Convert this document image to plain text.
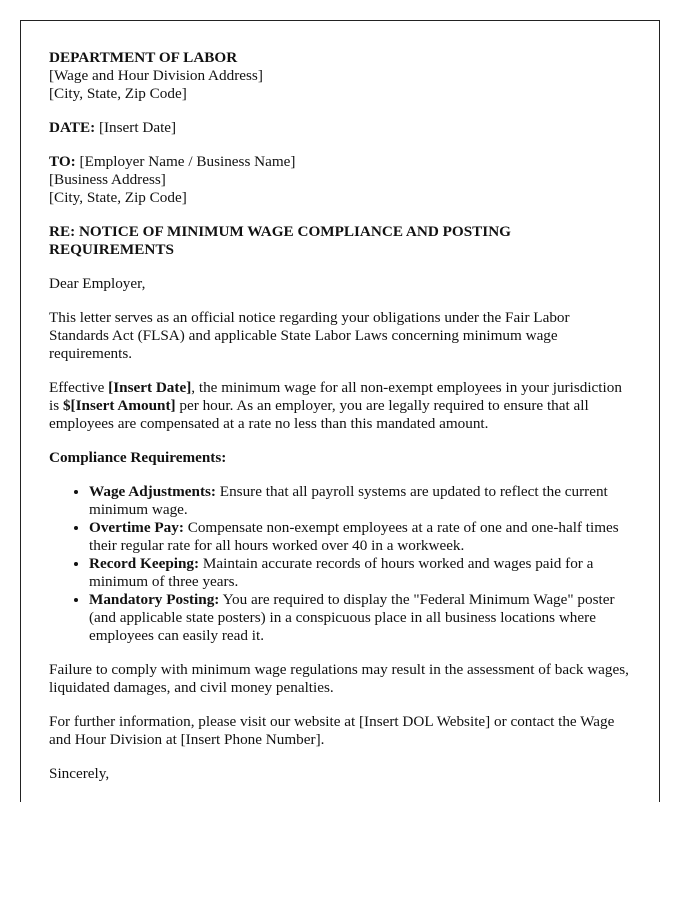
DEPARTMENT OF LABOR
[Wage and Hour Division Address]
[City, State, Zip Code]
DATE: [Insert Date]
TO: [Employer Name / Business Name]
[Business Address]
[City, State, Zip Code]

RE: NOTICE OF MINIMUM WAGE COMPLIANCE AND POSTING REQUIREMENTS

Dear Employer,

This letter serves as an official notice regarding your obligations under the Fair Labor Standards Act (FLSA) and applicable State Labor Laws concerning minimum wage requirements.

Effective [Insert Date], the minimum wage for all non-exempt employees in your jurisdiction is $[Insert Amount] per hour. As an employer, you are legally required to ensure that all employees are compensated at a rate no less than this mandated amount.

Compliance Requirements:

• Wage Adjustments: Ensure that all payroll systems are updated to reflect the current minimum wage.
• Overtime Pay: Compensate non-exempt employees at a rate of one and one-half times their regular rate for all hours worked over 40 in a workweek.
• Record Keeping: Maintain accurate records of hours worked and wages paid for a minimum of three years.
• Mandatory Posting: You are required to display the "Federal Minimum Wage" poster (and applicable state posters) in a conspicuous place in all business locations where employees can easily read it.

Failure to comply with minimum wage regulations may result in the assessment of back wages, liquidated damages, and civil money penalties.

For further information, please visit our website at [Insert DOL Website] or contact the Wage and Hour Division at [Insert Phone Number].

Sincerely,
